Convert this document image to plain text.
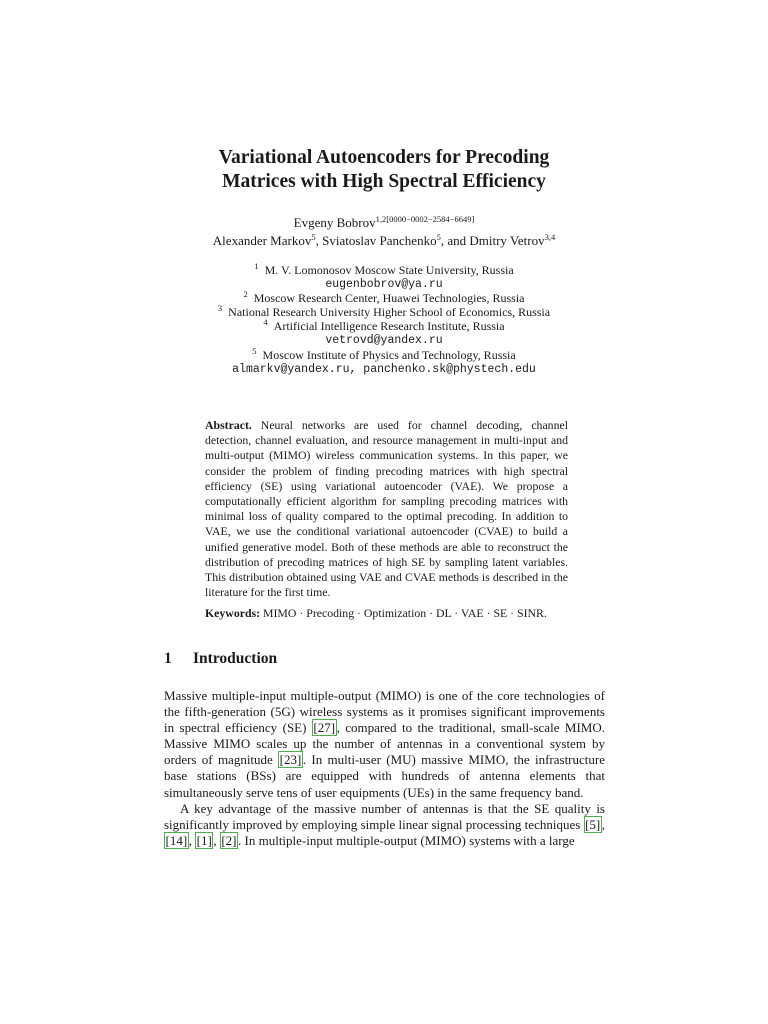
Variational Autoencoders for Precoding
Matrices with High Spectral Efficiency
Evgeny Bobrov$^{1,2[0000-0002-2584-6649]}$
Alexander Markov$^5$, Sviatoslav Panchenko$^5$, and Dmitry Vetrov$^{3,4}$
$^1$ M. V. Lomonosov Moscow State University, Russia
eugenbobrov@ya.ru
$^2$ Moscow Research Center, Huawei Technologies, Russia
$^3$ National Research University Higher School of Economics, Russia
$^4$ Artificial Intelligence Research Institute, Russia
vetrovd@yandex.ru
$^5$ Moscow Institute of Physics and Technology, Russia
almarkv@yandex.ru, panchenko.sk@phystech.edu

Abstract. Neural networks are used for channel decoding, channel detection, channel evaluation, and resource management in multi-input and multi-output (MIMO) wireless communication systems. In this paper, we consider the problem of finding precoding matrices with high spectral efficiency (SE) using variational autoencoder (VAE). We propose a computationally efficient algorithm for sampling precoding matrices with minimal loss of quality compared to the optimal precoding. In addition to VAE, we use the conditional variational autoencoder (CVAE) to build a unified generative model. Both of these methods are able to reconstruct the distribution of precoding matrices of high SE by sampling latent variables. This distribution obtained using VAE and CVAE methods is described in the literature for the first time.

Keywords: MIMO · Precoding · Optimization · DL · VAE · SE · SINR.
1 Introduction

Massive multiple-input multiple-output (MIMO) is one of the core technologies of the fifth-generation (5G) wireless systems as it promises significant improvements in spectral efficiency (SE) [27] , compared to the traditional, small-scale MIMO. Massive MIMO scales up the number of antennas in a conventional system by orders of magnitude [23] . In multi-user (MU) massive MIMO, the infrastructure base stations (BSs) are equipped with hundreds of antenna elements that simultaneously serve tens of user equipments (UEs) in the same frequency band.

A key advantage of the massive number of antennas is that the SE quality is significantly improved by employing simple linear signal processing techniques [5] , [14] , [1] , [2] . In multiple-input multiple-output (MIMO) systems with a large
